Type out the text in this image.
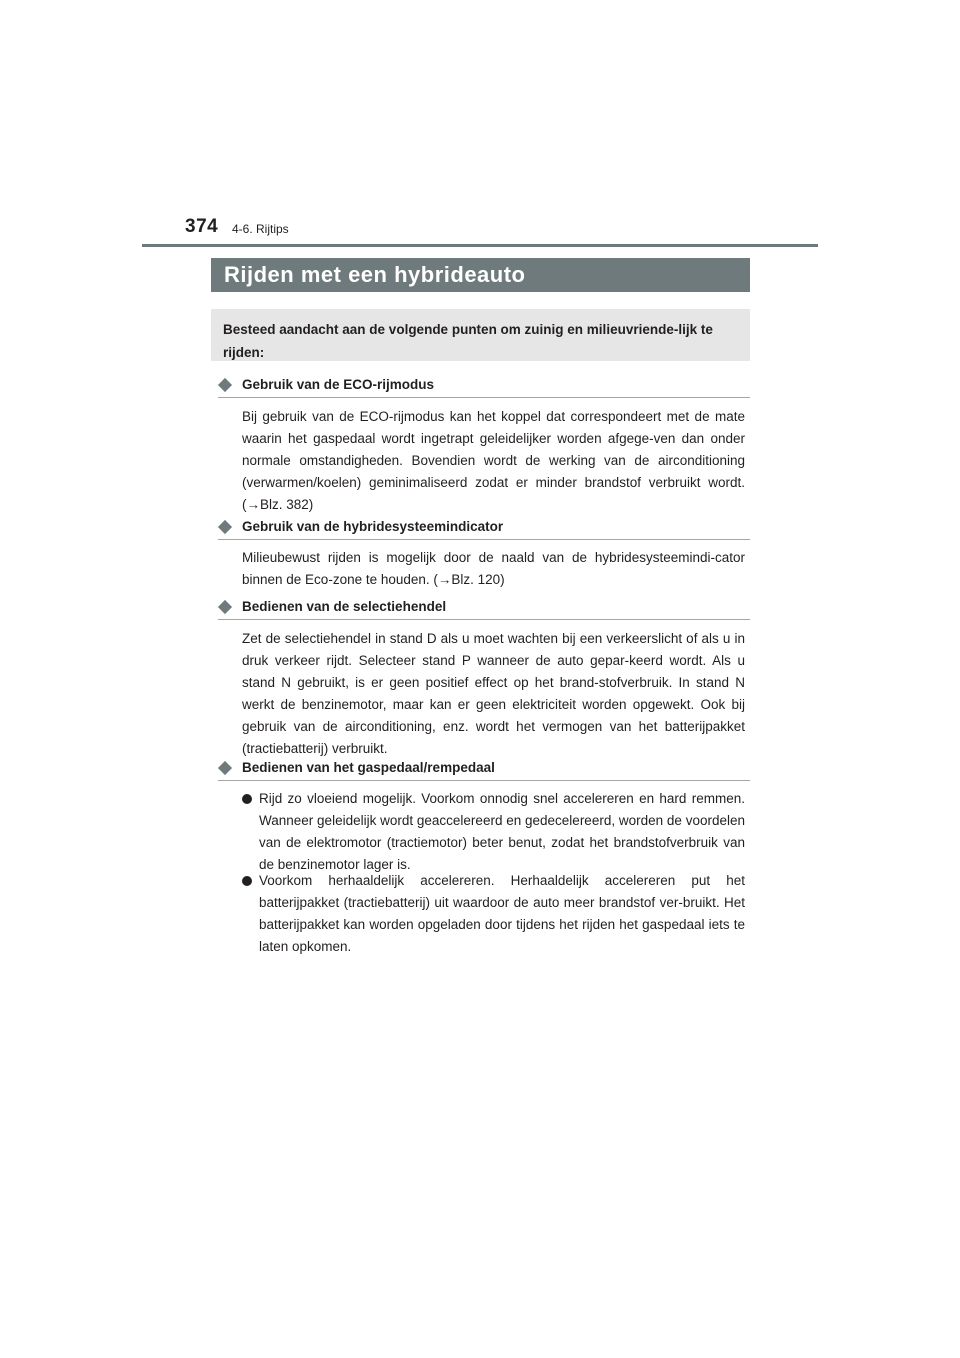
374 4-6. Rijtips
Rijden met een hybrideauto
Besteed aandacht aan de volgende punten om zuinig en milieuvriende-lijk te rijden:
Gebruik van de ECO-rijmodus

Bij gebruik van de ECO-rijmodus kan het koppel dat correspondeert met de mate waarin het gaspedaal wordt ingetrapt geleidelijker worden afgege-ven dan onder normale omstandigheden. Bovendien wordt de werking van de airconditioning (verwarmen/koelen) geminimaliseerd zodat er minder brandstof verbruikt wordt. (→Blz. 382)

Gebruik van de hybridesysteemindicator

Milieubewust rijden is mogelijk door de naald van de hybridesysteemindi-cator binnen de Eco-zone te houden. (→Blz. 120)

Bedienen van de selectiehendel

Zet de selectiehendel in stand D als u moet wachten bij een verkeerslicht of als u in druk verkeer rijdt. Selecteer stand P wanneer de auto gepar-keerd wordt. Als u stand N gebruikt, is er geen positief effect op het brand-stofverbruik. In stand N werkt de benzinemotor, maar kan er geen elektriciteit worden opgewekt. Ook bij gebruik van de airconditioning, enz. wordt het vermogen van het batterijpakket (tractiebatterij) verbruikt.

Bedienen van het gaspedaal/rempedaal

Rijd zo vloeiend mogelijk. Voorkom onnodig snel accelereren en hard remmen. Wanneer geleidelijk wordt geaccelereerd en gedecelereerd, worden de voordelen van de elektromotor (tractiemotor) beter benut, zodat het brandstofverbruik van de benzinemotor lager is.

Voorkom herhaaldelijk accelereren. Herhaaldelijk accelereren put het batterijpakket (tractiebatterij) uit waardoor de auto meer brandstof ver-bruikt. Het batterijpakket kan worden opgeladen door tijdens het rijden het gaspedaal iets te laten opkomen.
